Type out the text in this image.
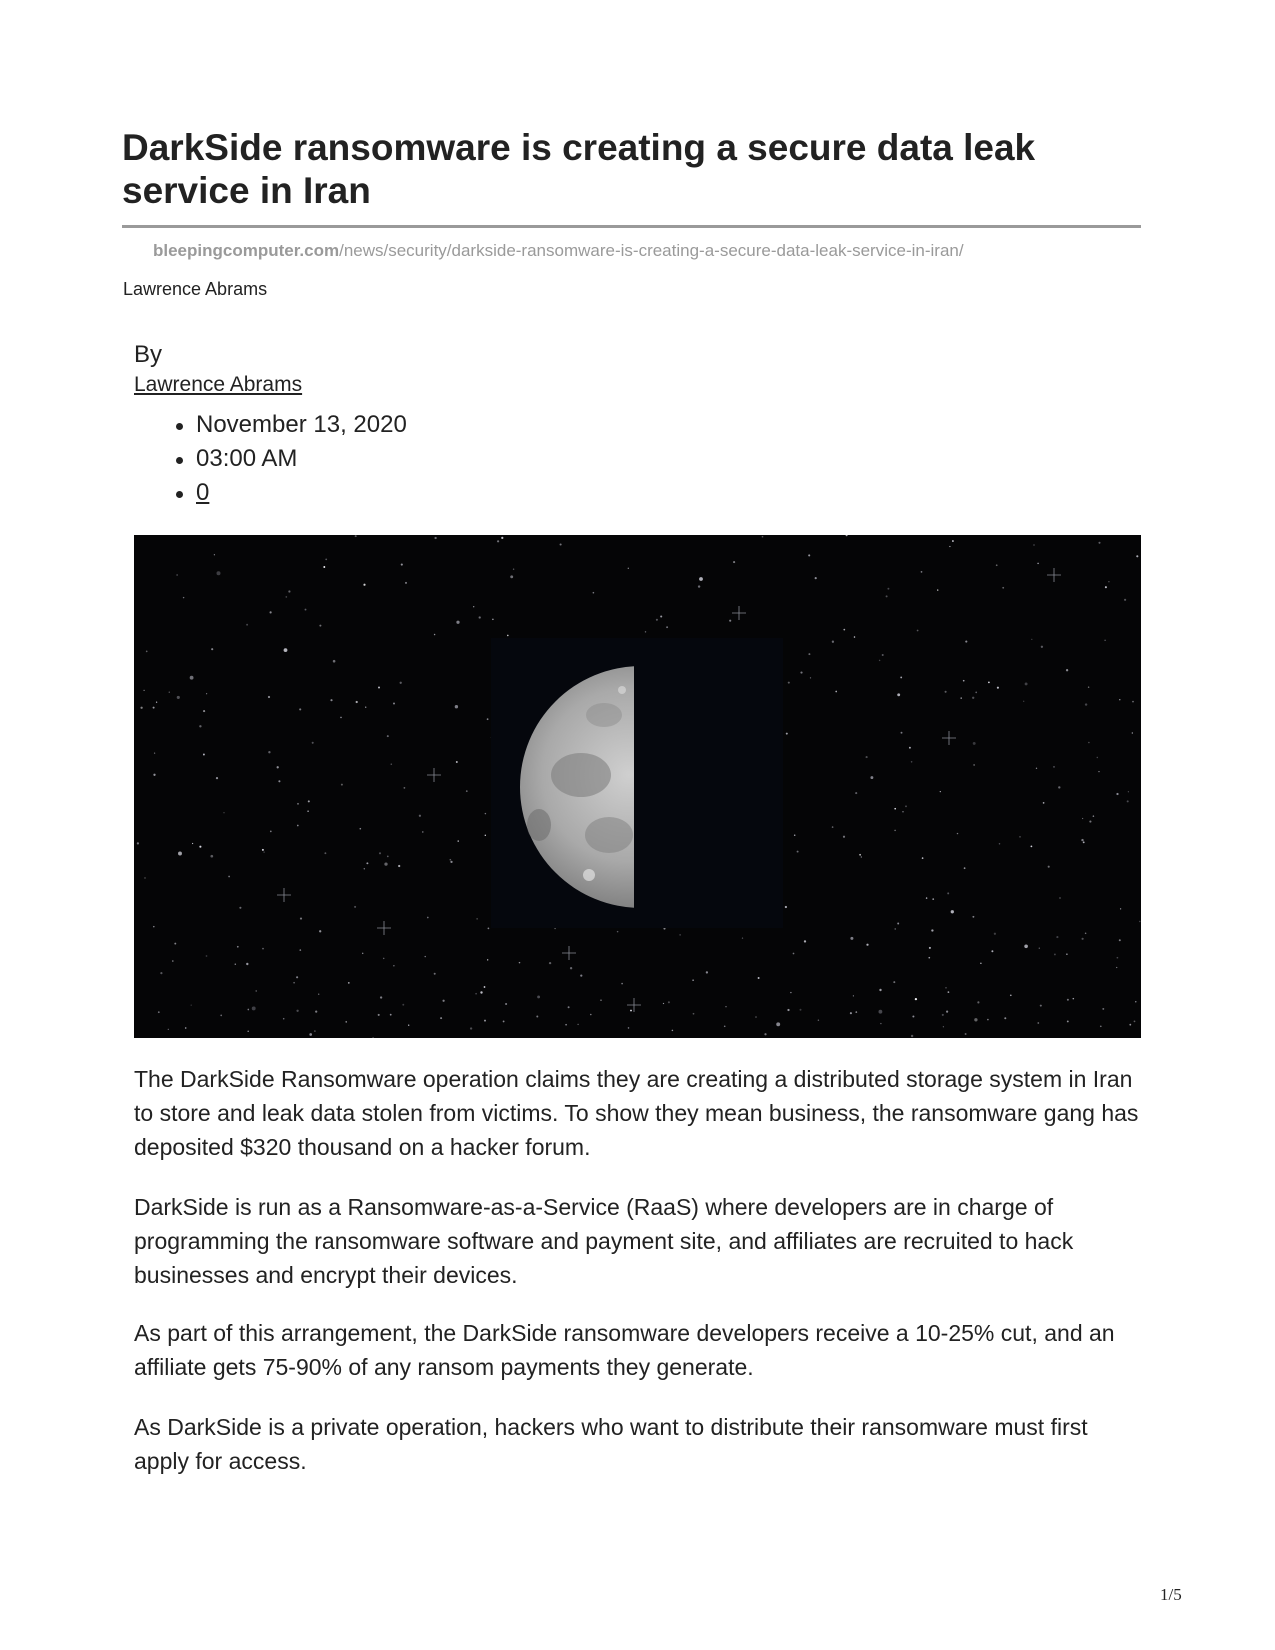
DarkSide ransomware is creating a secure data leak service in Iran
bleepingcomputer.com/news/security/darkside-ransomware-is-creating-a-secure-data-leak-service-in-iran/
Lawrence Abrams
By
Lawrence Abrams
November 13, 2020
03:00 AM
0

The DarkSide Ransomware operation claims they are creating a distributed storage system in Iran to store and leak data stolen from victims. To show they mean business, the ransomware gang has deposited $320 thousand on a hacker forum.

DarkSide is run as a Ransomware-as-a-Service (RaaS) where developers are in charge of programming the ransomware software and payment site, and affiliates are recruited to hack businesses and encrypt their devices.

As part of this arrangement, the DarkSide ransomware developers receive a 10-25% cut, and an affiliate gets 75-90% of any ransom payments they generate.

As DarkSide is a private operation, hackers who want to distribute their ransomware must first apply for access.

1/5
